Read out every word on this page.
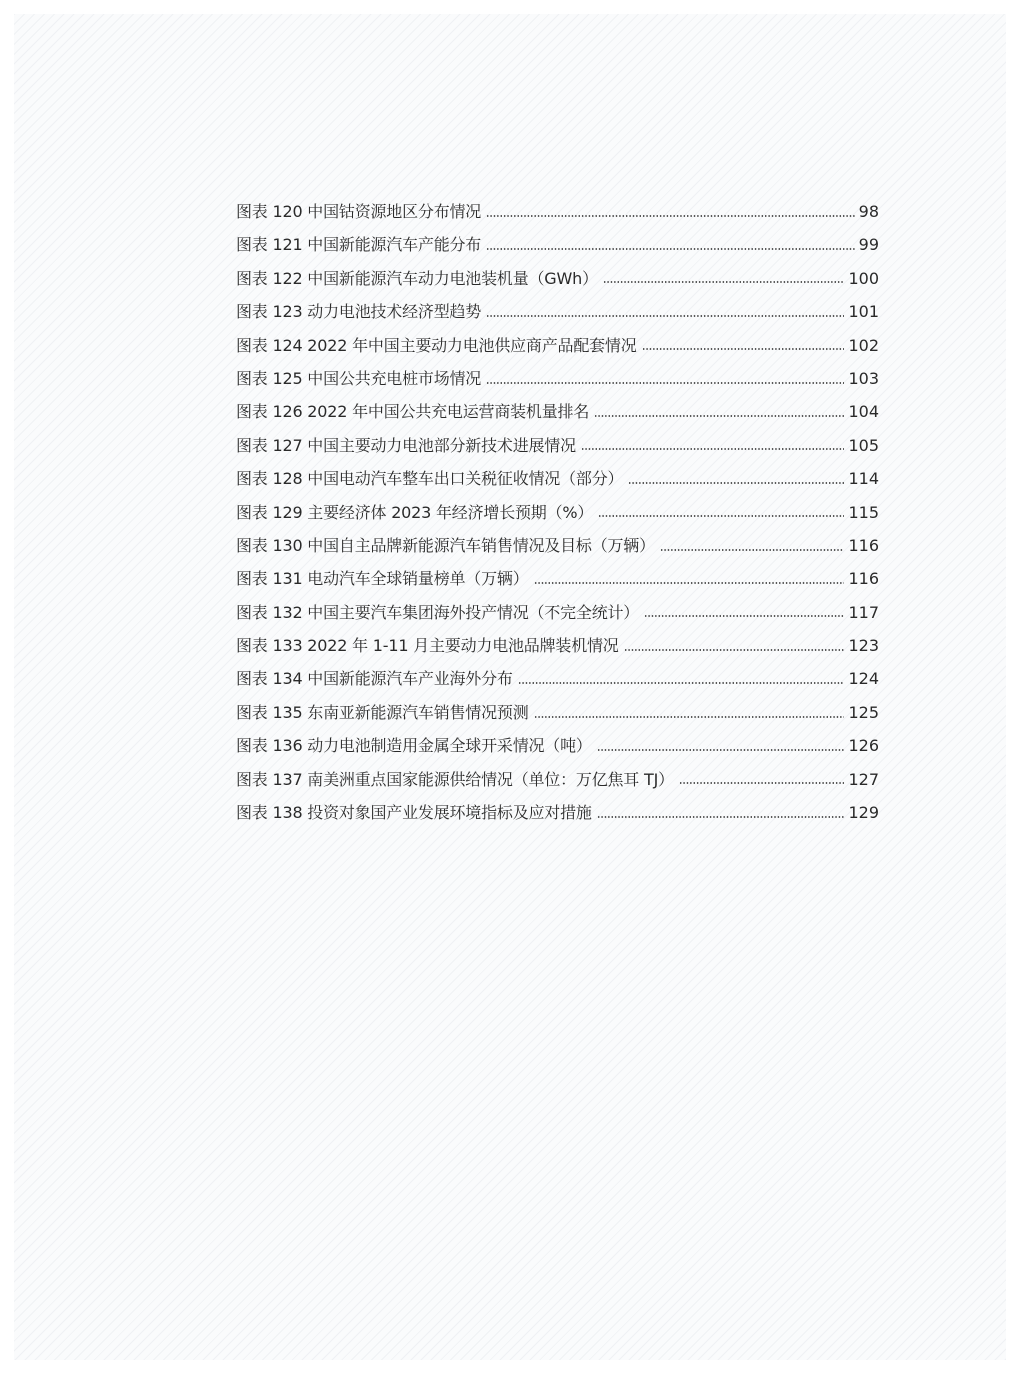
图表 120 中国钴资源地区分布情况	98
图表 121 中国新能源汽车产能分布	99
图表 122 中国新能源汽车动力电池装机量（GWh）	100
图表 123 动力电池技术经济型趋势	101
图表 124 2022 年中国主要动力电池供应商产品配套情况	102
图表 125 中国公共充电桩市场情况	103
图表 126 2022 年中国公共充电运营商装机量排名	104
图表 127 中国主要动力电池部分新技术进展情况	105
图表 128 中国电动汽车整车出口关税征收情况（部分）	114
图表 129 主要经济体 2023 年经济增长预期（%）	115
图表 130 中国自主品牌新能源汽车销售情况及目标（万辆）	116
图表 131 电动汽车全球销量榜单（万辆）	116
图表 132 中国主要汽车集团海外投产情况（不完全统计）	117
图表 133 2022 年 1-11 月主要动力电池品牌装机情况	123
图表 134 中国新能源汽车产业海外分布	124
图表 135 东南亚新能源汽车销售情况预测	125
图表 136 动力电池制造用金属全球开采情况（吨）	126
图表 137 南美洲重点国家能源供给情况（单位：万亿焦耳 TJ）	127
图表 138 投资对象国产业发展环境指标及应对措施	129
